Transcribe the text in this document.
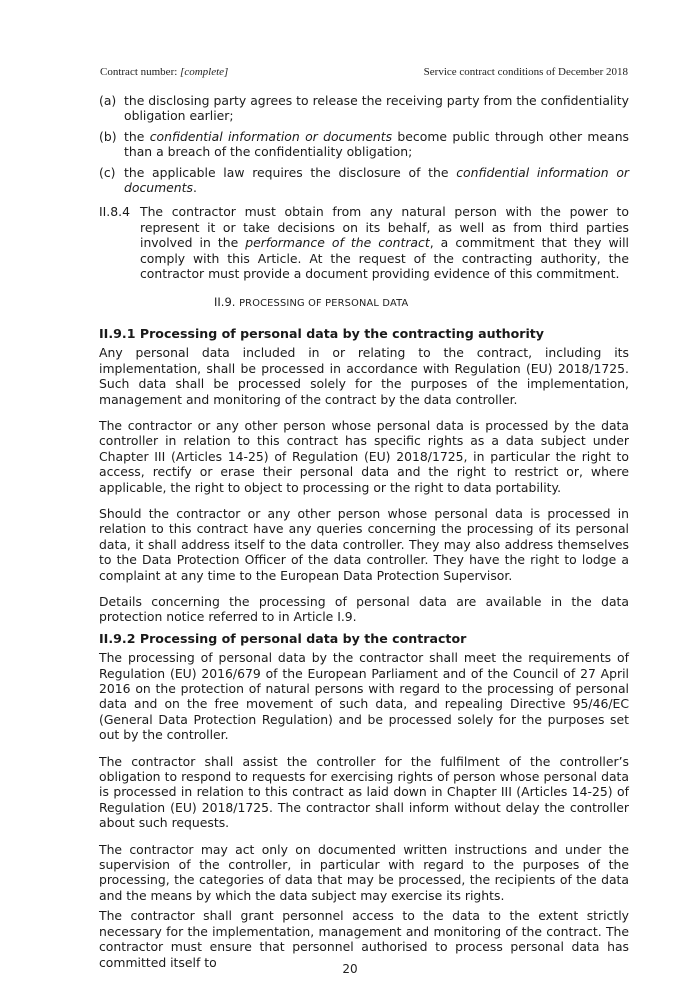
Contract number: [complete]	Service contract conditions of December 2018
(a) the disclosing party agrees to release the receiving party from the confidentiality obligation earlier;
(b) the confidential information or documents become public through other means than a breach of the confidentiality obligation;
(c) the applicable law requires the disclosure of the confidential information or documents.
II.8.4 The contractor must obtain from any natural person with the power to represent it or take decisions on its behalf, as well as from third parties involved in the performance of the contract, a commitment that they will comply with this Article. At the request of the contracting authority, the contractor must provide a document providing evidence of this commitment.
II.9. PROCESSING OF PERSONAL DATA
II.9.1 Processing of personal data by the contracting authority

Any personal data included in or relating to the contract, including its implementation, shall be processed in accordance with Regulation (EU) 2018/1725. Such data shall be processed solely for the purposes of the implementation, management and monitoring of the contract by the data controller.

The contractor or any other person whose personal data is processed by the data controller in relation to this contract has specific rights as a data subject under Chapter III (Articles 14-25) of Regulation (EU) 2018/1725, in particular the right to access, rectify or erase their personal data and the right to restrict or, where applicable, the right to object to processing or the right to data portability.

Should the contractor or any other person whose personal data is processed in relation to this contract have any queries concerning the processing of its personal data, it shall address itself to the data controller. They may also address themselves to the Data Protection Officer of the data controller. They have the right to lodge a complaint at any time to the European Data Protection Supervisor.

Details concerning the processing of personal data are available in the data protection notice referred to in Article I.9.

II.9.2 Processing of personal data by the contractor

The processing of personal data by the contractor shall meet the requirements of Regulation (EU) 2016/679 of the European Parliament and of the Council of 27 April 2016 on the protection of natural persons with regard to the processing of personal data and on the free movement of such data, and repealing Directive 95/46/EC (General Data Protection Regulation) and be processed solely for the purposes set out by the controller.

The contractor shall assist the controller for the fulfilment of the controller’s obligation to respond to requests for exercising rights of person whose personal data is processed in relation to this contract as laid down in Chapter III (Articles 14-25) of Regulation (EU) 2018/1725. The contractor shall inform without delay the controller about such requests.

The contractor may act only on documented written instructions and under the supervision of the controller, in particular with regard to the purposes of the processing, the categories of data that may be processed, the recipients of the data and the means by which the data subject may exercise its rights.

The contractor shall grant personnel access to the data to the extent strictly necessary for the implementation, management and monitoring of the contract. The contractor must ensure that personnel authorised to process personal data has committed itself to	20
